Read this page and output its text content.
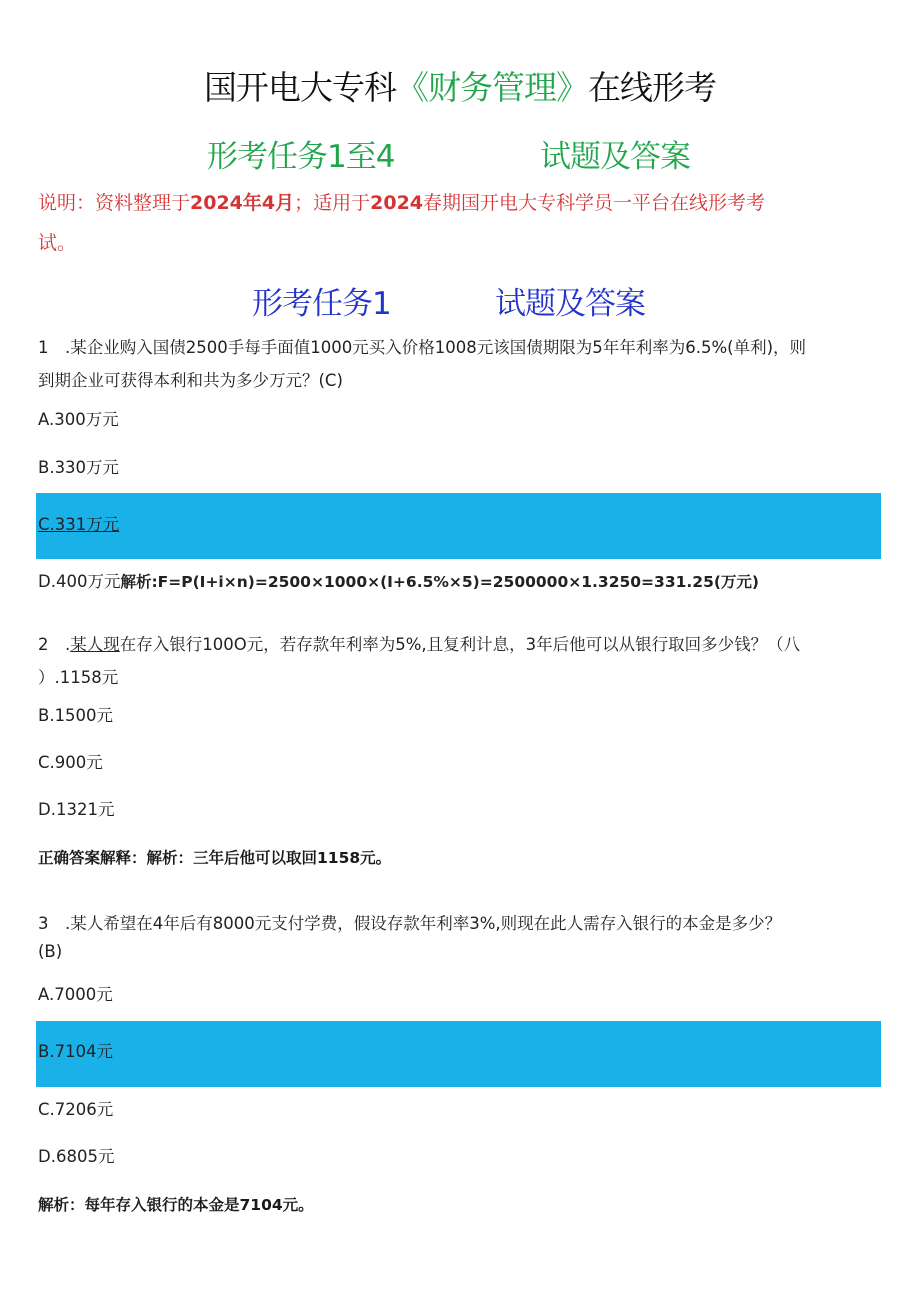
国开电大专科《财务管理》在线形考
形考任务1至4	试题及答案
说明：资料整理于2024年4月；适用于2024春期国开电大专科学员一平台在线形考考
试。
形考任务1	试题及答案
1　.某企业购入国债2500手每手面值1000元买入价格1008元该国债期限为5年年利率为6.5%(单利)，则
到期企业可获得本利和共为多少万元？(C)
A.300万元
B.330万元
C.331万元
D.400万元解析:F=P(I+i×n)=2500×1000×(I+6.5%×5)=2500000×1.3250=331.25(万元)
2　.某人现在存入银行100O元，若存款年利率为5%,且复利计息，3年后他可以从银行取回多少钱？（八
）.1158元
B.1500元
C.900元
D.1321元
正确答案解释：解析：三年后他可以取回1158元。
3　.某人希望在4年后有8000元支付学费，假设存款年利率3%,则现在此人需存入银行的本金是多少？
(B)
A.7000元
B.7104元
C.7206元
D.6805元
解析：每年存入银行的本金是7104元。
